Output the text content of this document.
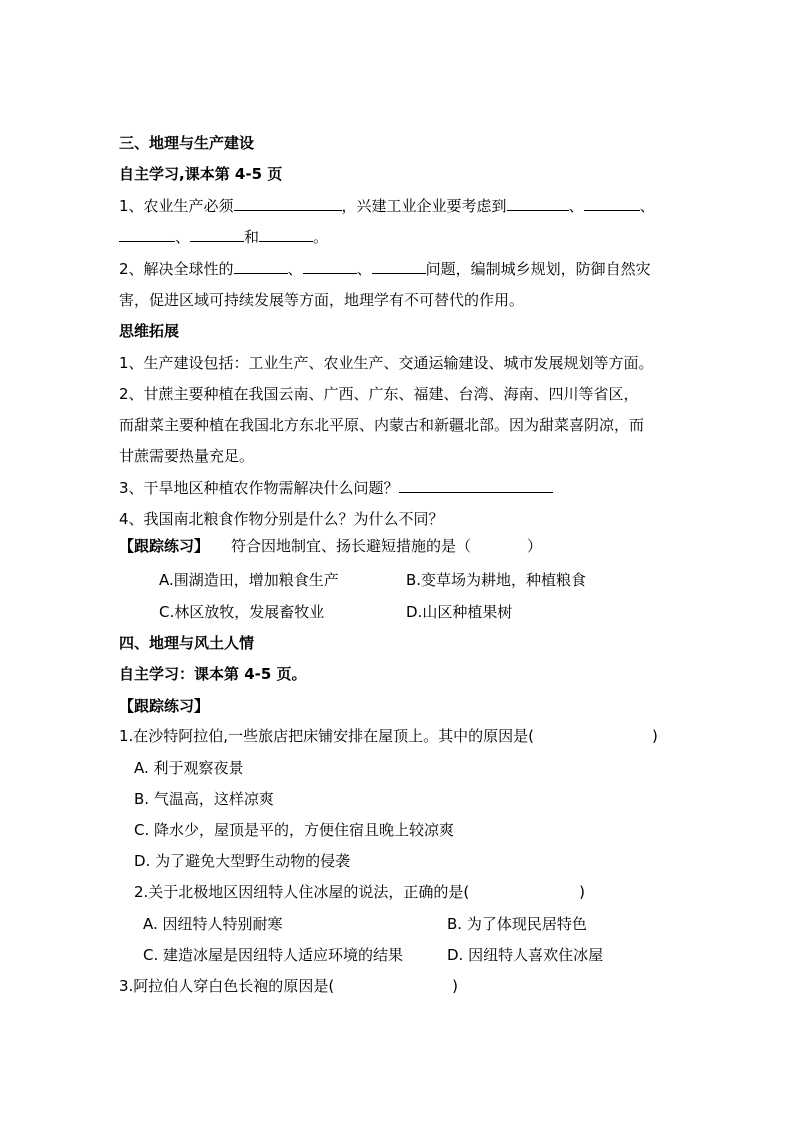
三、地理与生产建设
自主学习,课本第 4-5 页
1、农业生产必须	，兴建工业企业要考虑到	、	、
、	和	。
2、解决全球性的	、	、	问题，编制城乡规划，防御自然灾
害，促进区域可持续发展等方面，地理学有不可替代的作用。
思维拓展
1、生产建设包括：工业生产、农业生产、交通运输建设、城市发展规划等方面。
2、甘蔗主要种植在我国云南、广西、广东、福建、台湾、海南、四川等省区，
而甜菜主要种植在我国北方东北平原、内蒙古和新疆北部。因为甜菜喜阴凉，而
甘蔗需要热量充足。
3、干旱地区种植农作物需解决什么问题？
4、我国南北粮食作物分别是什么？为什么不同？
【跟踪练习】 符合因地制宜、扬长避短措施的是（	）
A.围湖造田，增加粮食生产	B.变草场为耕地，种植粮食
C.林区放牧，发展畜牧业	D.山区种植果树
四、地理与风土人情
自主学习：课本第 4-5 页。
【跟踪练习】
1.在沙特阿拉伯,一些旅店把床铺安排在屋顶上。其中的原因是(	)
A. 利于观察夜景
B. 气温高，这样凉爽
C. 降水少，屋顶是平的，方便住宿且晚上较凉爽
D. 为了避免大型野生动物的侵袭
2.关于北极地区因纽特人住冰屋的说法，正确的是(	)
A. 因纽特人特别耐寒	B. 为了体现民居特色
C. 建造冰屋是因纽特人适应环境的结果	D. 因纽特人喜欢住冰屋
3.阿拉伯人穿白色长袍的原因是(	)
